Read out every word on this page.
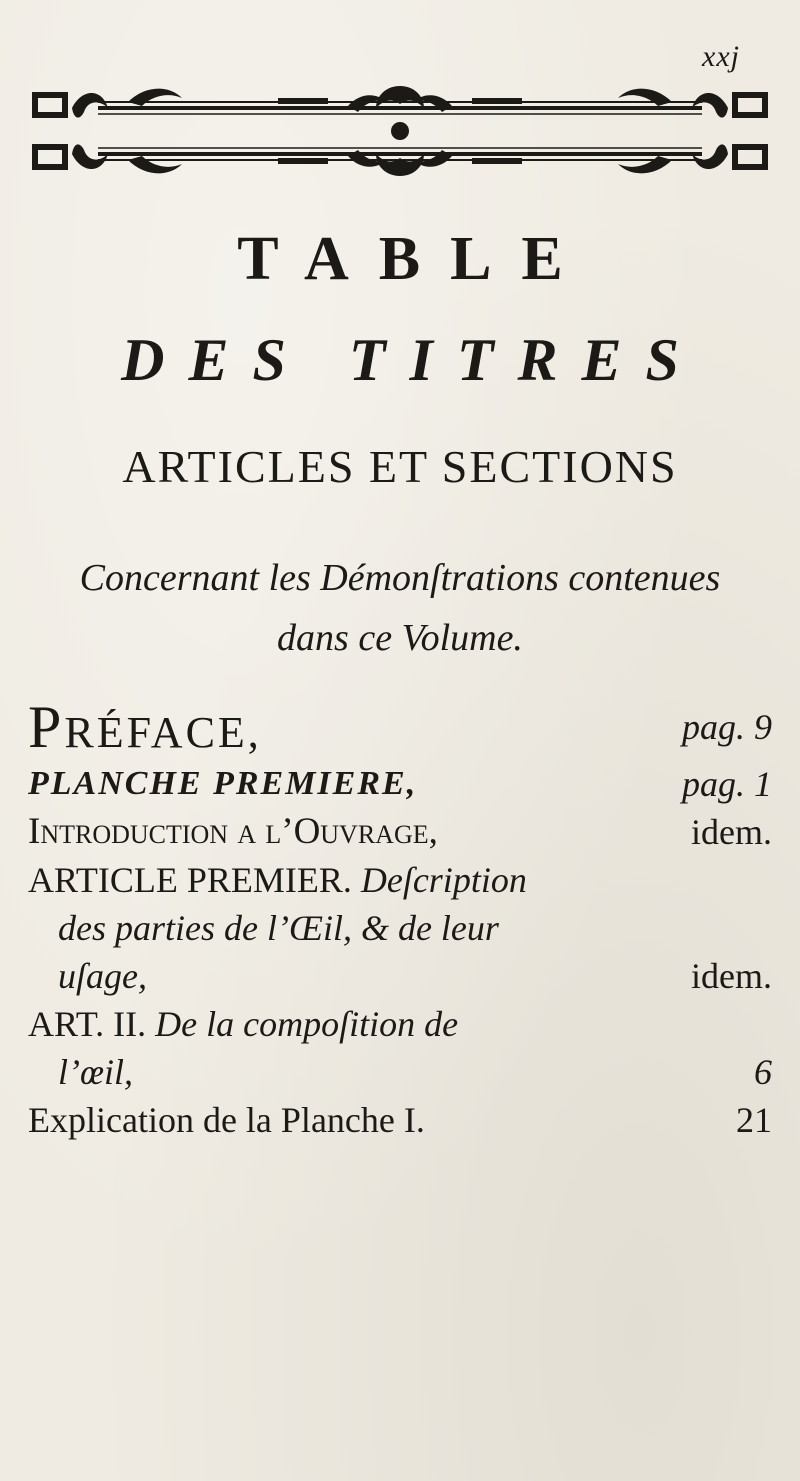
xxj
TABLE
DES TITRES
ARTICLES ET SECTIONS
Concernant les Démonſtrations contenues
dans ce Volume.
PRÉFACE,	pag. 9
PLANCHE PREMIERE,	pag. 1
Introduction a l’Ouvrage,	idem.
ARTICLE PREMIER. Deſcription
des parties de l’Œil, & de leur
uſage,	idem.
ART. II. De la compoſition de
l’œil,	6
Explication de la Planche I.	21
